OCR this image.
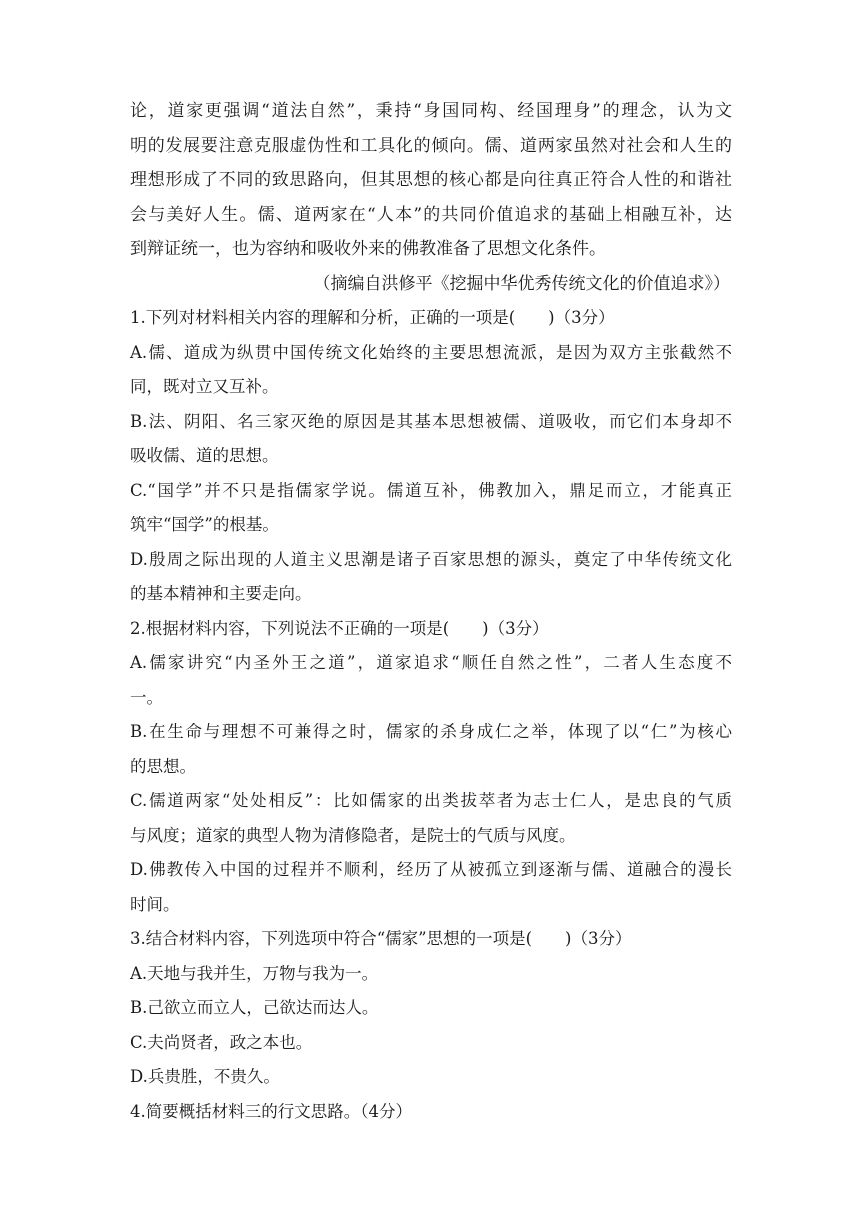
论，道家更强调“道法自然”，秉持“身国同构、经国理身”的理念，认为文
明的发展要注意克服虚伪性和工具化的倾向。儒、道两家虽然对社会和人生的
理想形成了不同的致思路向，但其思想的核心都是向往真正符合人性的和谐社
会与美好人生。儒、道两家在“人本”的共同价值追求的基础上相融互补，达
到辩证统一，也为容纳和吸收外来的佛教准备了思想文化条件。

（摘编自洪修平《挖掘中华优秀传统文化的价值追求》）

1.下列对材料相关内容的理解和分析，正确的一项是(　　)（3分）

A.儒、道成为纵贯中国传统文化始终的主要思想流派，是因为双方主张截然不
同，既对立又互补。
B.法、阴阳、名三家灭绝的原因是其基本思想被儒、道吸收，而它们本身却不
吸收儒、道的思想。
C.“国学”并不只是指儒家学说。儒道互补，佛教加入，鼎足而立，才能真正
筑牢“国学”的根基。
D.殷周之际出现的人道主义思潮是诸子百家思想的源头，奠定了中华传统文化
的基本精神和主要走向。

2.根据材料内容，下列说法不正确的一项是(　　)（3分）

A.儒家讲究“内圣外王之道”，道家追求“顺任自然之性”，二者人生态度不
一。
B.在生命与理想不可兼得之时，儒家的杀身成仁之举，体现了以“仁”为核心
的思想。
C.儒道两家“处处相反”：比如儒家的出类拔萃者为志士仁人，是忠良的气质
与风度；道家的典型人物为清修隐者，是院士的气质与风度。
D.佛教传入中国的过程并不顺利，经历了从被孤立到逐渐与儒、道融合的漫长
时间。

3.结合材料内容，下列选项中符合“儒家”思想的一项是(　　)（3分）

A.天地与我并生，万物与我为一。
B.己欲立而立人，己欲达而达人。
C.夫尚贤者，政之本也。
D.兵贵胜，不贵久。

4.简要概括材料三的行文思路。（4分）
